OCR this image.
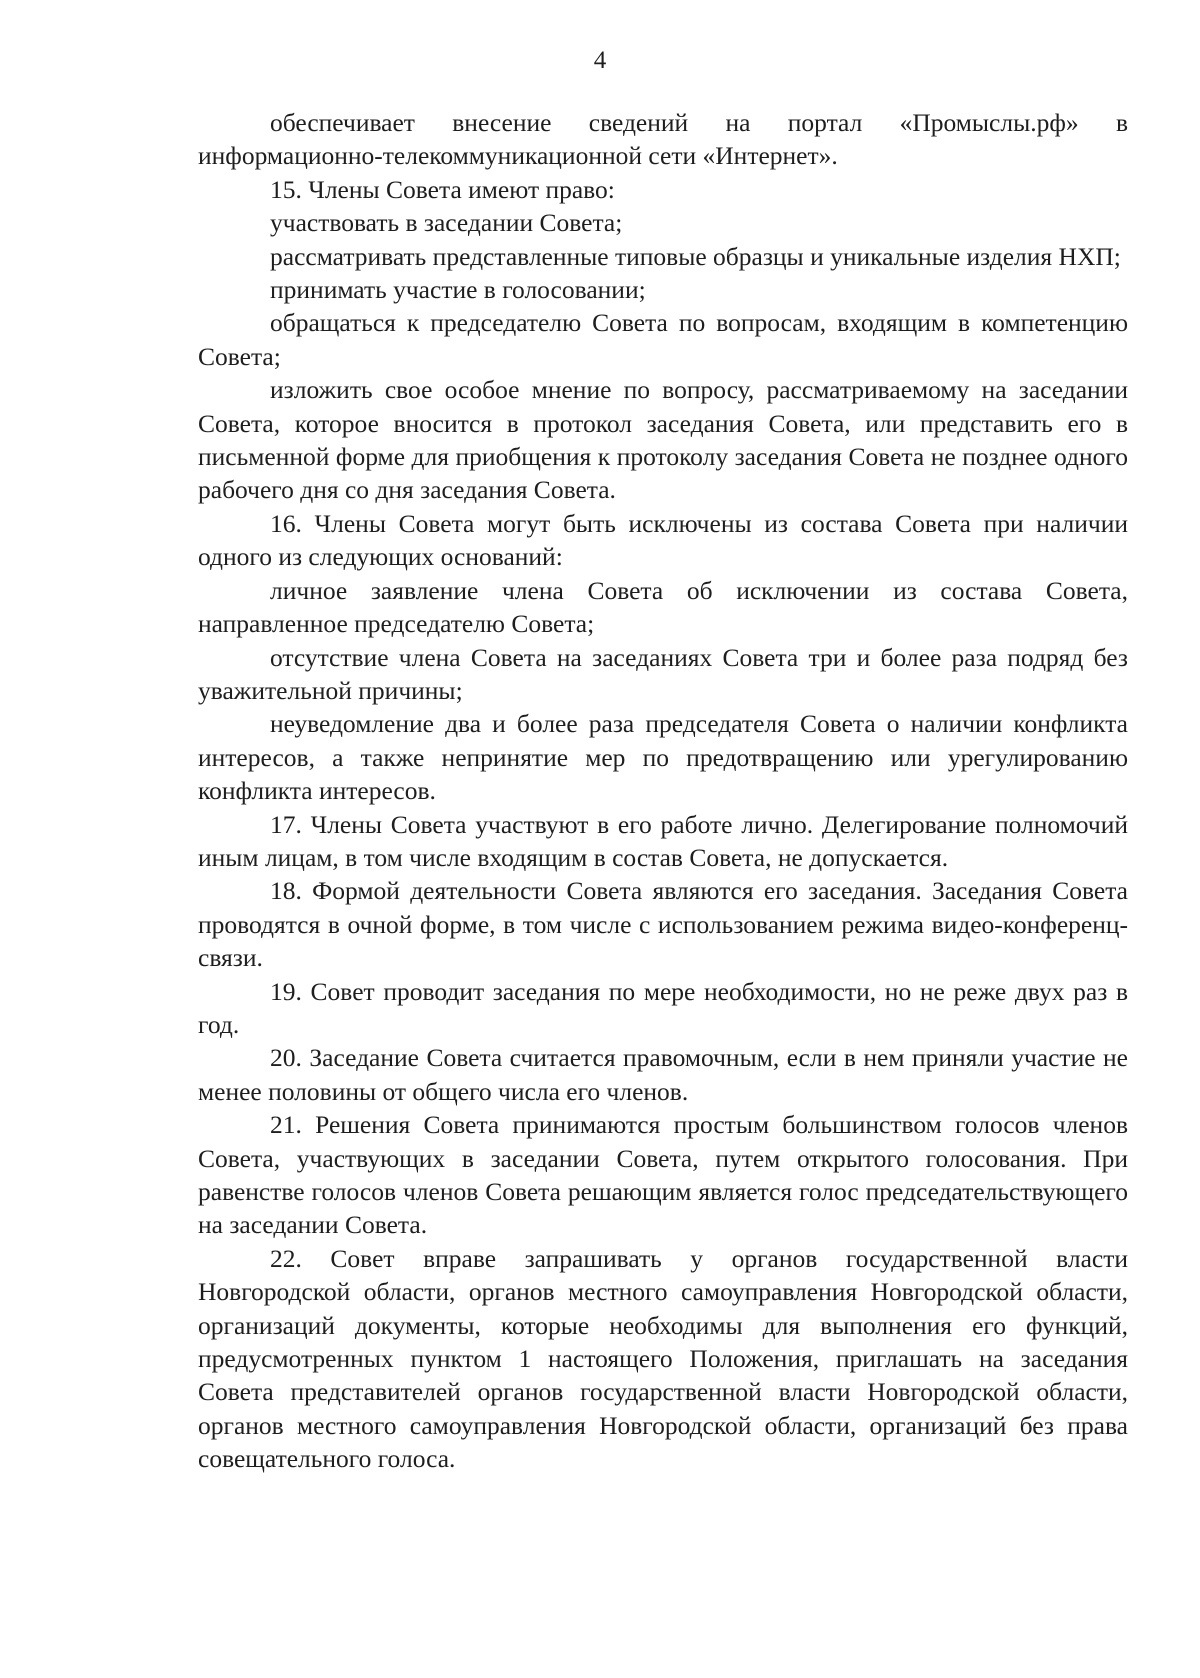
4

обеспечивает внесение сведений на портал «Промыслы.рф» в информационно-телекоммуникационной сети «Интернет».

15. Члены Совета имеют право:

участвовать в заседании Совета;

рассматривать представленные типовые образцы и уникальные изделия НХП;

принимать участие в голосовании;

обращаться к председателю Совета по вопросам, входящим в компетенцию Совета;

изложить свое особое мнение по вопросу, рассматриваемому на заседании Совета, которое вносится в протокол заседания Совета, или представить его в письменной форме для приобщения к протоколу заседания Совета не позднее одного рабочего дня со дня заседания Совета.

16. Члены Совета могут быть исключены из состава Совета при наличии одного из следующих оснований:

личное заявление члена Совета об исключении из состава Совета, направленное председателю Совета;

отсутствие члена Совета на заседаниях Совета три и более раза подряд без уважительной причины;

неуведомление два и более раза председателя Совета о наличии конфликта интересов, а также непринятие мер по предотвращению или урегулированию конфликта интересов.

17. Члены Совета участвуют в его работе лично. Делегирование полномочий иным лицам, в том числе входящим в состав Совета, не допускается.

18. Формой деятельности Совета являются его заседания. Заседания Совета проводятся в очной форме, в том числе с использованием режима видео-конференц-связи.

19. Совет проводит заседания по мере необходимости, но не реже двух раз в год.

20. Заседание Совета считается правомочным, если в нем приняли участие не менее половины от общего числа его членов.

21. Решения Совета принимаются простым большинством голосов членов Совета, участвующих в заседании Совета, путем открытого голосования. При равенстве голосов членов Совета решающим является голос председательствующего на заседании Совета.

22. Совет вправе запрашивать у органов государственной власти Новгородской области, органов местного самоуправления Новгородской области, организаций документы, которые необходимы для выполнения его функций, предусмотренных пунктом 1 настоящего Положения, приглашать на заседания Совета представителей органов государственной власти Новгородской области, органов местного самоуправления Новгородской области, организаций без права совещательного голоса.
